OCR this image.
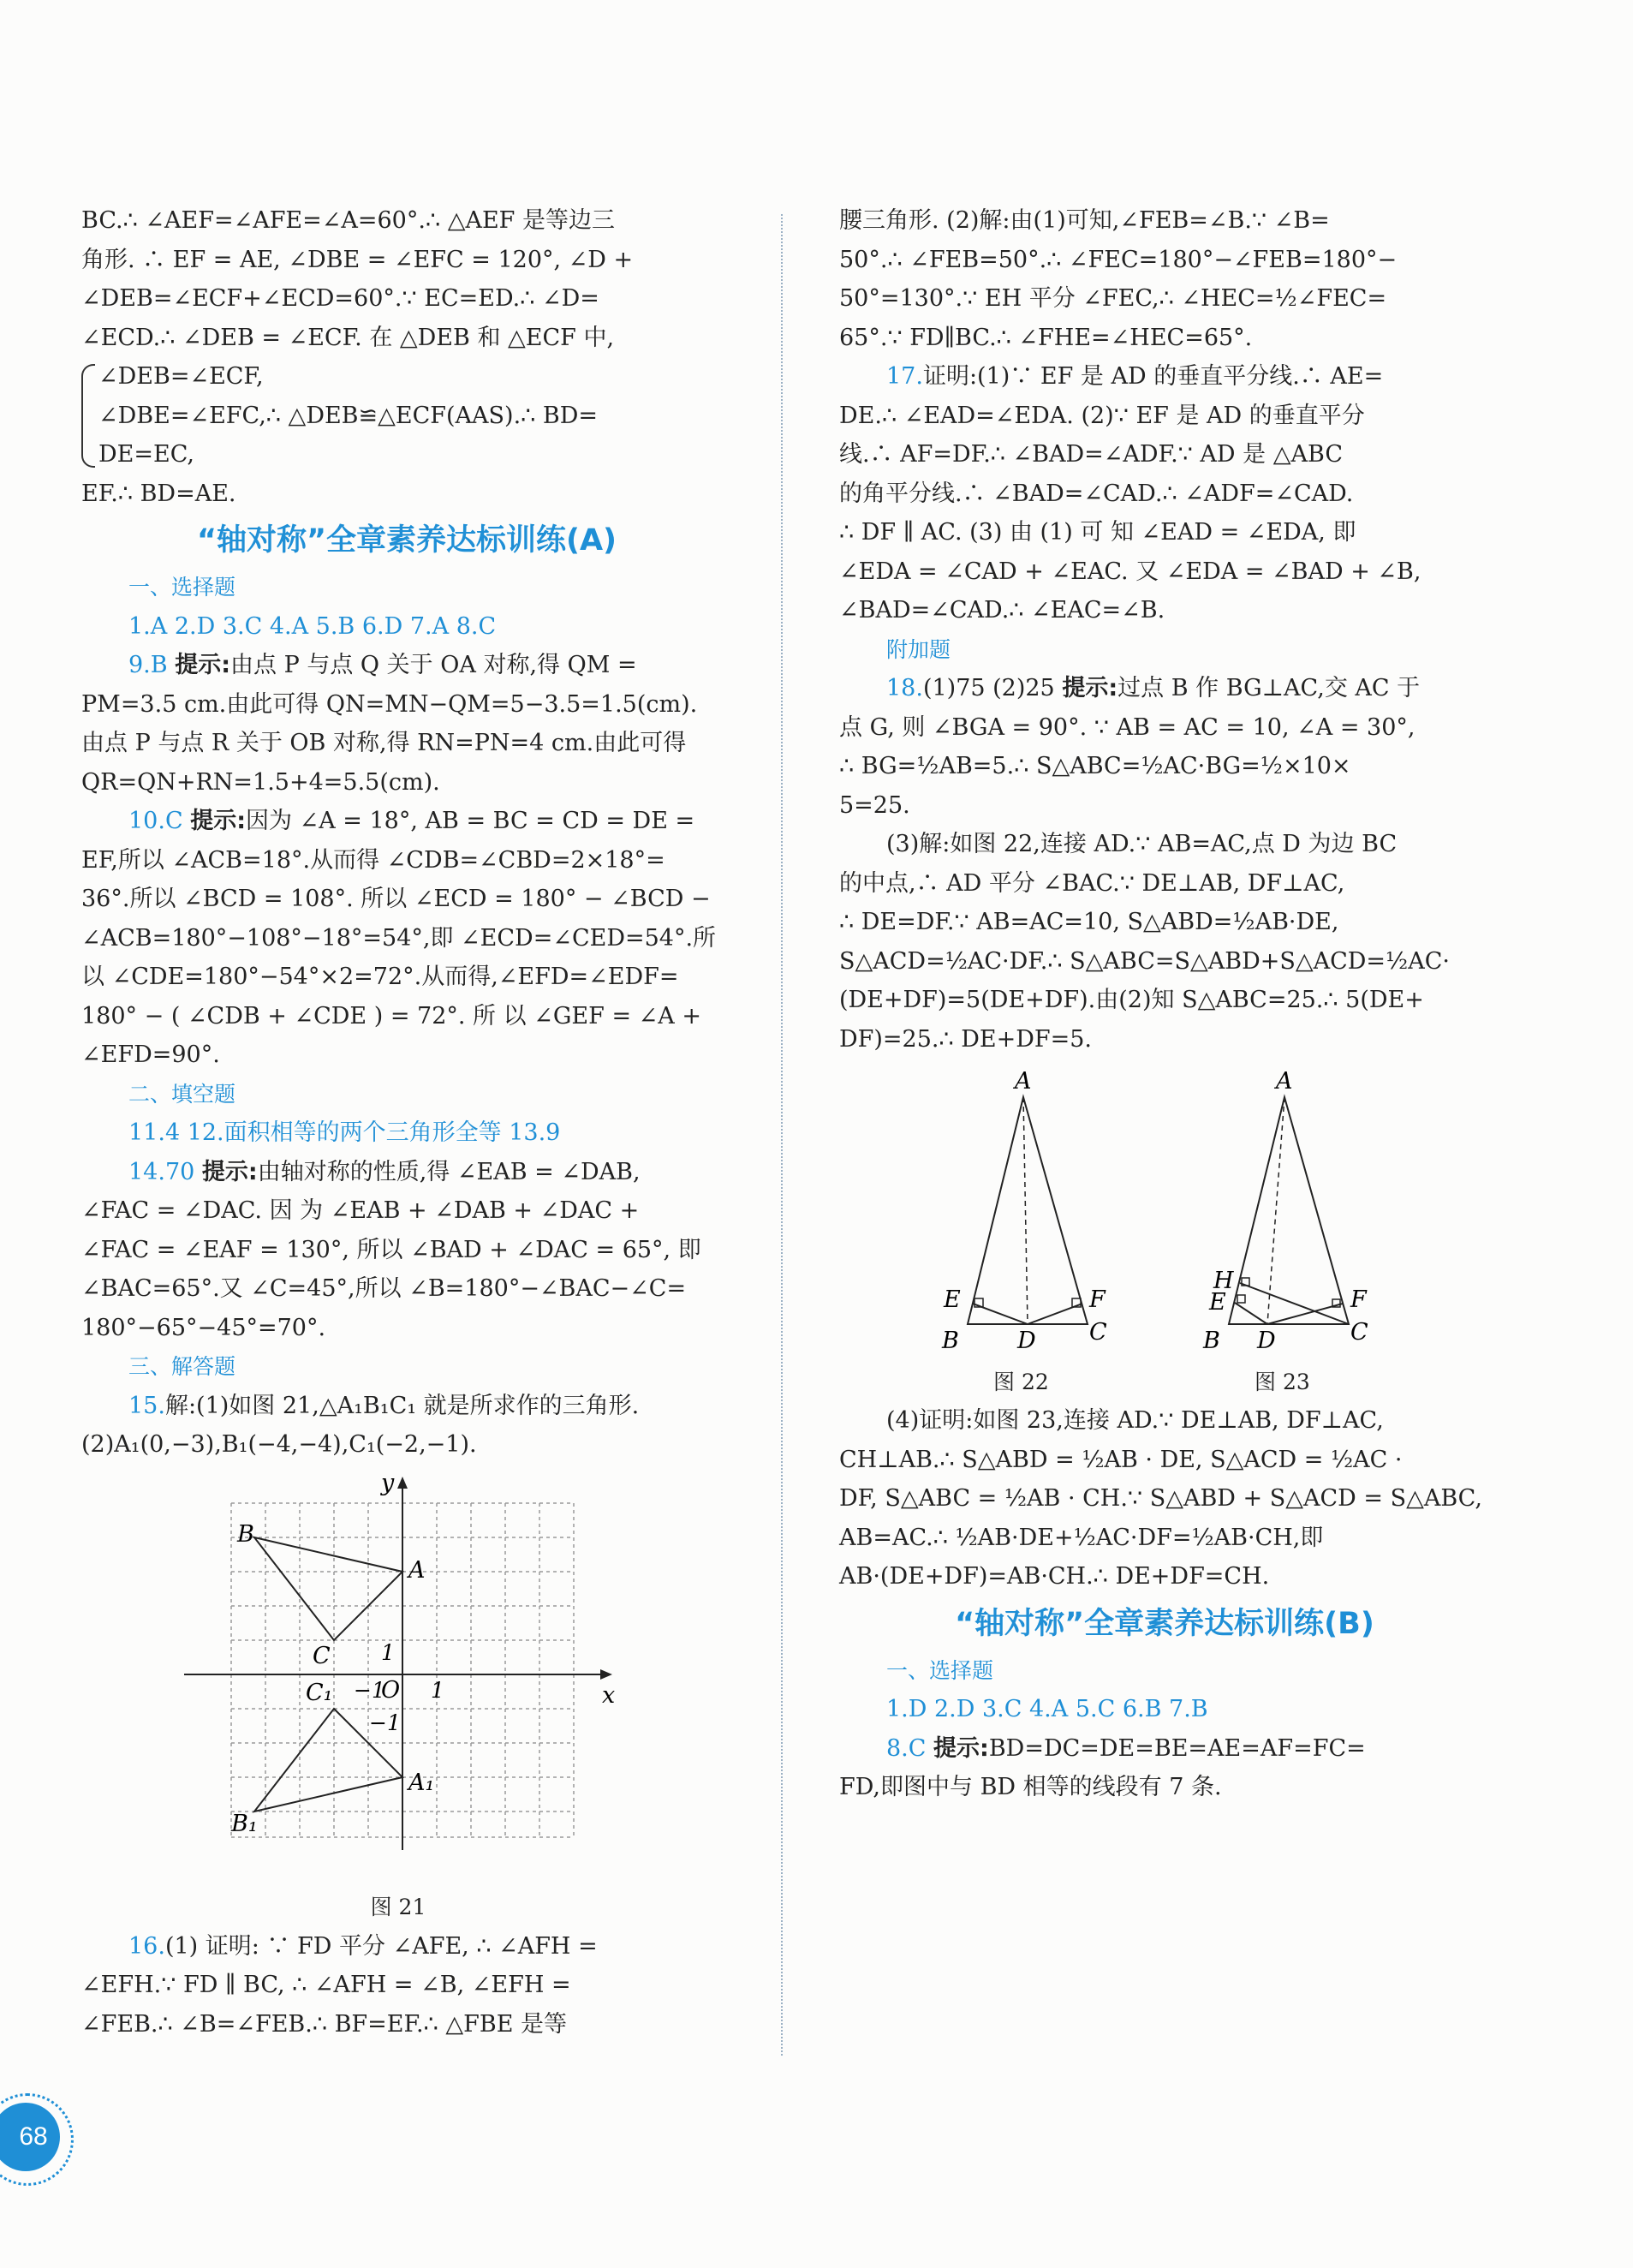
BC.∴ ∠AEF=∠AFE=∠A=60°.∴ △AEF 是等边三

角形. ∴ EF = AE, ∠DBE = ∠EFC = 120°, ∠D +

∠DEB=∠ECF+∠ECD=60°.∵ EC=ED.∴ ∠D=

∠ECD.∴ ∠DEB = ∠ECF. 在 △DEB 和 △ECF 中,

∠DEB=∠ECF,

∠DBE=∠EFC,∴ △DEB≌△ECF(AAS).∴ BD=

DE=EC,

EF.∴ BD=AE.

“轴对称”全章素养达标训练(A)
一、选择题

1.A 2.D 3.C 4.A 5.B 6.D 7.A 8.C

9.B 提示:由点 P 与点 Q 关于 OA 对称,得 QM =

PM=3.5 cm.由此可得 QN=MN−QM=5−3.5=1.5(cm).

由点 P 与点 R 关于 OB 对称,得 RN=PN=4 cm.由此可得

QR=QN+RN=1.5+4=5.5(cm).

10.C 提示:因为 ∠A = 18°, AB = BC = CD = DE =

EF,所以 ∠ACB=18°.从而得 ∠CDB=∠CBD=2×18°=

36°.所以 ∠BCD = 108°. 所以 ∠ECD = 180° − ∠BCD −

∠ACB=180°−108°−18°=54°,即 ∠ECD=∠CED=54°.所

以 ∠CDE=180°−54°×2=72°.从而得,∠EFD=∠EDF=

180° − ( ∠CDB + ∠CDE ) = 72°. 所 以 ∠GEF = ∠A +

∠EFD=90°.

二、填空题

11.4 12.面积相等的两个三角形全等 13.9

14.70 提示:由轴对称的性质,得 ∠EAB = ∠DAB,

∠FAC = ∠DAC. 因 为 ∠EAB + ∠DAB + ∠DAC +

∠FAC = ∠EAF = 130°, 所以 ∠BAD + ∠DAC = 65°, 即

∠BAC=65°.又 ∠C=45°,所以 ∠B=180°−∠BAC−∠C=

180°−65°−45°=70°.

三、解答题

15.解:(1)如图 21,△A₁B₁C₁ 就是所求作的三角形.

(2)A₁(0,−3),B₁(−4,−4),C₁(−2,−1).

y
x
O
A
B
C
A₁
B₁
C₁
1
1
−1
−1
图 21

16.(1) 证明: ∵ FD 平分 ∠AFE, ∴ ∠AFH =

∠EFH.∵ FD ∥ BC, ∴ ∠AFH = ∠B, ∠EFH =

∠FEB.∴ ∠B=∠FEB.∴ BF=EF.∴ △FBE 是等

腰三角形. (2)解:由(1)可知,∠FEB=∠B.∵ ∠B=

50°.∴ ∠FEB=50°.∴ ∠FEC=180°−∠FEB=180°−

50°=130°.∵ EH 平分 ∠FEC,∴ ∠HEC=½∠FEC=

65°.∵ FD∥BC.∴ ∠FHE=∠HEC=65°.

17.证明:(1)∵ EF 是 AD 的垂直平分线.∴ AE=

DE.∴ ∠EAD=∠EDA. (2)∵ EF 是 AD 的垂直平分

线.∴ AF=DF.∴ ∠BAD=∠ADF.∵ AD 是 △ABC

的角平分线.∴ ∠BAD=∠CAD.∴ ∠ADF=∠CAD.

∴ DF ∥ AC. (3) 由 (1) 可 知 ∠EAD = ∠EDA, 即

∠EDA = ∠CAD + ∠EAC. 又 ∠EDA = ∠BAD + ∠B,

∠BAD=∠CAD.∴ ∠EAC=∠B.

附加题

18.(1)75 (2)25 提示:过点 B 作 BG⊥AC,交 AC 于

点 G, 则 ∠BGA = 90°. ∵ AB = AC = 10, ∠A = 30°,

∴ BG=½AB=5.∴ S△ABC=½AC·BG=½×10×

5=25.

(3)解:如图 22,连接 AD.∵ AB=AC,点 D 为边 BC

的中点,∴ AD 平分 ∠BAC.∵ DE⊥AB, DF⊥AC,

∴ DE=DF.∵ AB=AC=10, S△ABD=½AB·DE,

S△ACD=½AC·DF.∴ S△ABC=S△ABD+S△ACD=½AC·

(DE+DF)=5(DE+DF).由(2)知 S△ABC=25.∴ 5(DE+

DF)=25.∴ DE+DF=5.

A
B	C
D
E	F
A
B	C
D
E	F
H
图 22	图 23

(4)证明:如图 23,连接 AD.∵ DE⊥AB, DF⊥AC,

CH⊥AB.∴ S△ABD = ½AB · DE, S△ACD = ½AC ·

DF, S△ABC = ½AB · CH.∵ S△ABD + S△ACD = S△ABC,

AB=AC.∴ ½AB·DE+½AC·DF=½AB·CH,即

AB·(DE+DF)=AB·CH.∴ DE+DF=CH.

“轴对称”全章素养达标训练(B)
一、选择题

1.D 2.D 3.C 4.A 5.C 6.B 7.B

8.C 提示:BD=DC=DE=BE=AE=AF=FC=

FD,即图中与 BD 相等的线段有 7 条.

68
